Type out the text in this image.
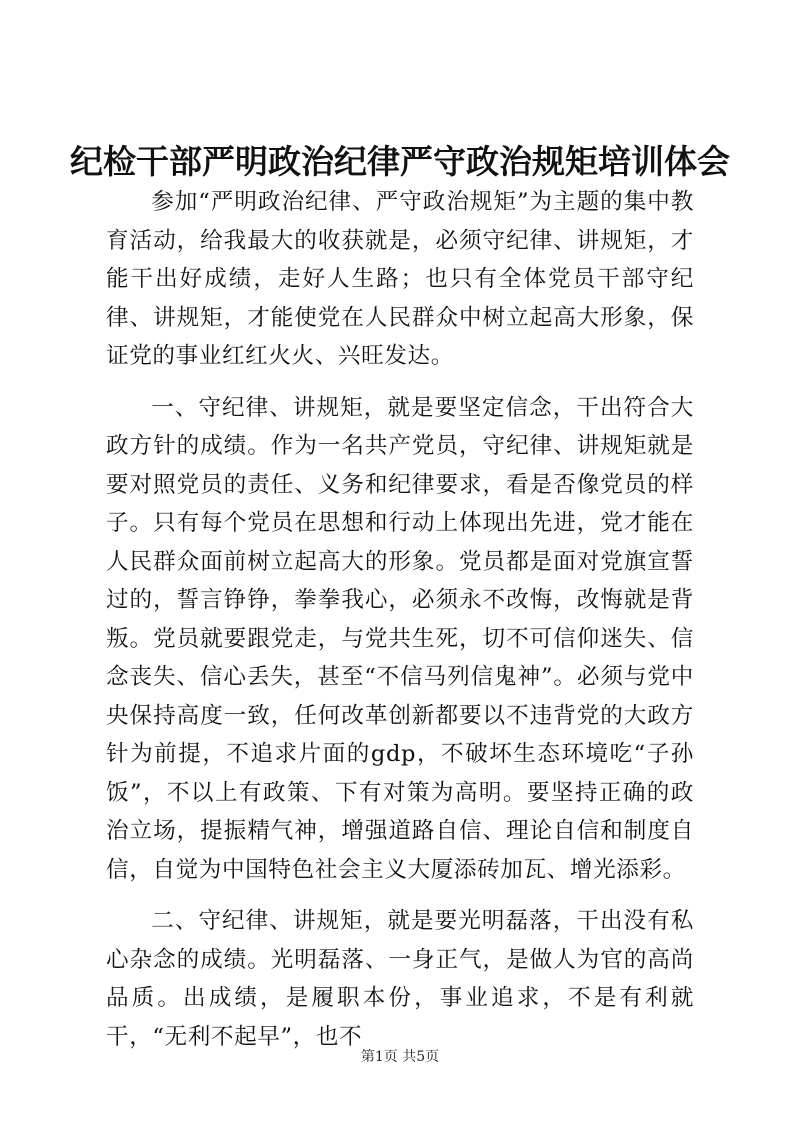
纪检干部严明政治纪律严守政治规矩培训体会

参加“严明政治纪律、严守政治规矩”为主题的集中教育活动，给我最大的收获就是，必须守纪律、讲规矩，才能干出好成绩，走好人生路；也只有全体党员干部守纪律、讲规矩，才能使党在人民群众中树立起高大形象，保证党的事业红红火火、兴旺发达。

一、守纪律、讲规矩，就是要坚定信念，干出符合大政方针的成绩。作为一名共产党员，守纪律、讲规矩就是要对照党员的责任、义务和纪律要求，看是否像党员的样子。只有每个党员在思想和行动上体现出先进，党才能在人民群众面前树立起高大的形象。党员都是面对党旗宣誓过的，誓言铮铮，拳拳我心，必须永不改悔，改悔就是背叛。党员就要跟党走，与党共生死，切不可信仰迷失、信念丧失、信心丢失，甚至“不信马列信鬼神”。必须与党中央保持高度一致，任何改革创新都要以不违背党的大政方针为前提，不追求片面的gdp，不破坏生态环境吃“子孙饭”，不以上有政策、下有对策为高明。要坚持正确的政治立场，提振精气神，增强道路自信、理论自信和制度自信，自觉为中国特色社会主义大厦添砖加瓦、增光添彩。

二、守纪律、讲规矩，就是要光明磊落，干出没有私心杂念的成绩。光明磊落、一身正气，是做人为官的高尚品质。出成绩，是履职本份，事业追求，不是有利就干，“无利不起早”，也不

第1页 共5页
